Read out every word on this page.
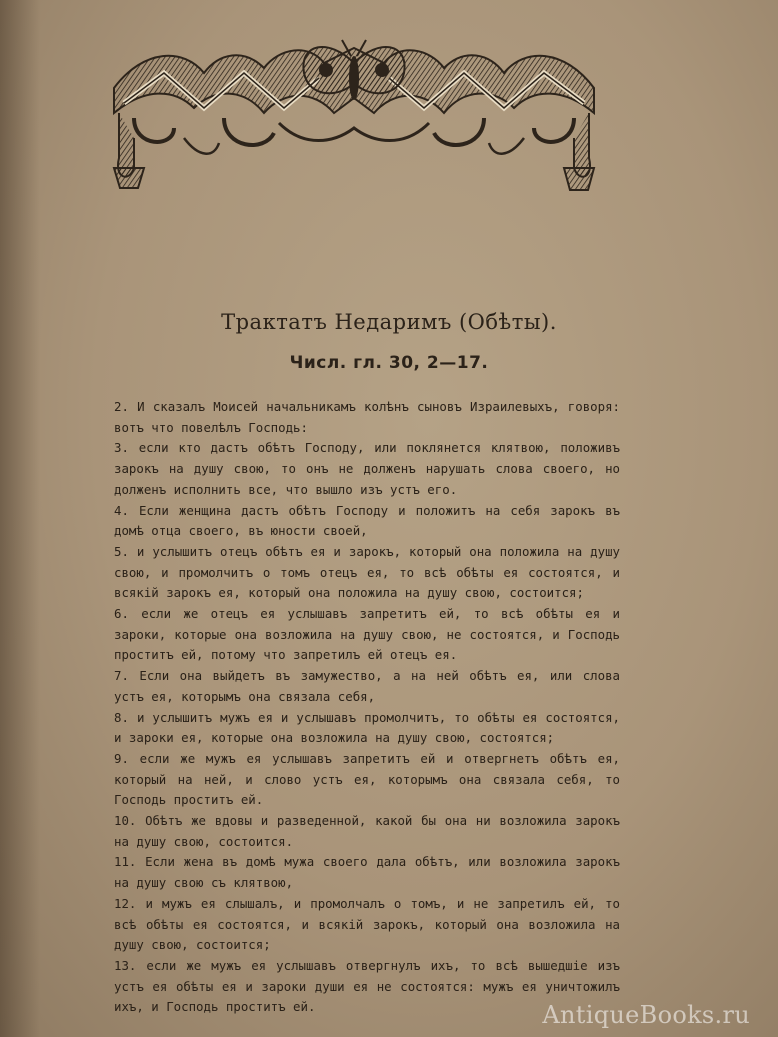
Трактатъ Недаримъ (Обѣты).
Числ. гл. 30, 2—17.

2. И сказалъ Моисей начальникамъ колѣнъ сыновъ Израилевыхъ, говоря: вотъ что повелѣлъ Господь:

3. если кто дастъ обѣтъ Господу, или поклянется клятвою, положивъ зарокъ на душу свою, то онъ не долженъ нарушать слова своего, но долженъ исполнить все, что вышло изъ устъ его.

4. Если женщина дастъ обѣтъ Господу и положитъ на себя зарокъ въ домѣ отца своего, въ юности своей,

5. и услышитъ отецъ обѣтъ ея и зарокъ, который она положила на душу свою, и промолчитъ о томъ отецъ ея, то всѣ обѣты ея состоятся, и всякій зарокъ ея, который она положила на душу свою, состоится;

6. если же отецъ ея услышавъ запретитъ ей, то всѣ обѣты ея и зароки, которые она возложила на душу свою, не состоятся, и Господь проститъ ей, потому что запретилъ ей отецъ ея.

7. Если она выйдетъ въ замужество, а на ней обѣтъ ея, или слова устъ ея, которымъ она связала себя,

8. и услышитъ мужъ ея и услышавъ промолчитъ, то обѣты ея состоятся, и зароки ея, которые она возложила на душу свою, состоятся;

9. если же мужъ ея услышавъ запретитъ ей и отвергнетъ обѣтъ ея, который на ней, и слово устъ ея, которымъ она связала себя, то Господь проститъ ей.

10. Обѣтъ же вдовы и разведенной, какой бы она ни возложила зарокъ на душу свою, состоится.

11. Если жена въ домѣ мужа своего дала обѣтъ, или возложила зарокъ на душу свою съ клятвою,

12. и мужъ ея слышалъ, и промолчалъ о томъ, и не запретилъ ей, то всѣ обѣты ея состоятся, и всякій зарокъ, который она возложила на душу свою, состоится;

13. если же мужъ ея услышавъ отвергнулъ ихъ, то всѣ вышедшіе изъ устъ ея обѣты ея и зароки души ея не состоятся: мужъ ея уничтожилъ ихъ, и Господь проститъ ей.	AntiqueBooks.ru
